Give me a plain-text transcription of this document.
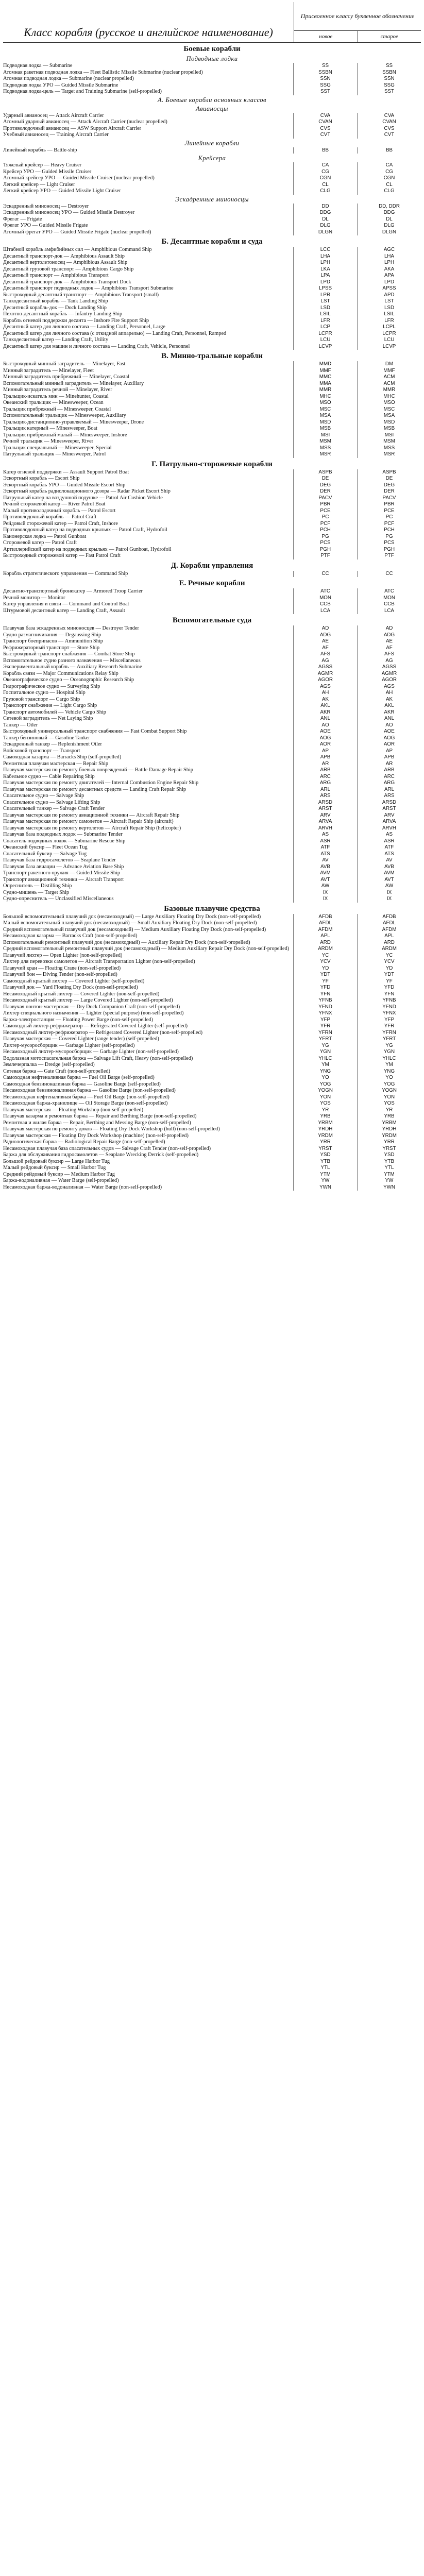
Класс корабля (русское и английское наименование)
Присвоенное классу буквенное обозначение
новое	старое
Боевые корабли
Подводные лодки
Подводная лодка — Submarine	SS	SS
Атомная ракетная подводная лодка — Fleet Ballistic Missile Submarine (nuclear propelled)	SSBN	SSBN
Атомная подводная лодка — Submarine (nuclear propelled)	SSN	SSN
Подводная лодка УРО — Guided Missile Submarine	SSG	SSG
Подводная лодка-цель — Target and Training Submarine (self-propelled)	SST	SST
А. Боевые корабли основных классов
Авианосцы
Ударный авианосец — Attack Aircraft Carrier	CVA	CVA
Атомный ударный авианосец — Attack Aircraft Carrier (nuclear propelled)	CVAN	CVAN
Противолодочный авианосец — ASW Support Aircraft Carrier	CVS	CVS
Учебный авианосец — Training Aircraft Carrier	CVT	CVT
Линейные корабли
Линейный корабль — Battle-ship	BB	BB
Крейсера
Тяжелый крейсер — Heavy Cruiser	CA	CA
Крейсер УРО — Guided Missile Cruiser	CG	CG
Атомный крейсер УРО — Guided Missile Cruiser (nuclear propelled)	CGN	CGN
Легкий крейсер — Light Cruiser	CL	CL
Легкий крейсер УРО — Guided Missile Light Cruiser	CLG	CLG
Эскадренные миноносцы
Эскадренный миноносец — Destroyer	DD	DD, DDR
Эскадренный миноносец УРО — Guided Missile Destroyer	DDG	DDG
Фрегат — Frigate	DL	DL
Фрегат УРО — Guided Missile Frigate	DLG	DLG
Атомный фрегат УРО — Guided Missile Frigate (nuclear propelled)	DLGN	DLGN
Б. Десантные корабли и суда
Штабной корабль амфибийных сил — Amphibious Command Ship	LCC	AGC
Десантный транспорт-док — Amphibious Assault Ship	LHA	LHA
Десантный вертолетоносец — Amphibious Assault Ship	LPH	LPH
Десантный грузовой транспорт — Amphibious Cargo Ship	LKA	AKA
Десантный транспорт — Amphibious Transport	LPA	APA
Десантный транспорт-док — Amphibious Transport Dock	LPD	LPD
Десантный транспорт подводных лодок — Amphibious Transport Submarine	LPSS	APSS
Быстроходный десантный транспорт — Amphibious Transport (small)	LPR	APD
Танкодесантный корабль — Tank Landing Ship	LST	LST
Десантный корабль-док — Dock Landing Ship	LSD	LSD
Пехотно-десантный корабль — Infantry Landing Ship	LSIL	LSIL
Корабль огневой поддержки десанта — Inshore Fire Support Ship	LFR	LFR
Десантный катер для личного состава — Landing Craft, Personnel, Large	LCP	LCPL
Десантный катер для личного состава (с откидной аппарелью) — Landing Craft, Personnel, Ramped	LCPR	LCPR
Танкодесантный катер — Landing Craft, Utility	LCU	LCU
Десантный катер для машин и личного состава — Landing Craft, Vehicle, Personnel	LCVP	LCVP
В. Минно-тральные корабли
Быстроходный минный заградитель — Minelayer, Fast	MMD	DM
Минный заградитель — Minelayer, Fleet	MMF	MMF
Минный заградитель прибрежный — Minelayer, Coastal	MMC	ACM
Вспомогательный минный заградитель — Minelayer, Auxiliary	MMA	ACM
Минный заградитель речной — Minelayer, River	MMR	MMR
Тральщик-искатель мин — Minehunter, Coastal	MHC	MHC
Океанский тральщик — Minesweeper, Ocean	MSO	MSO
Тральщик прибрежный — Minesweeper, Coastal	MSC	MSC
Вспомогательный тральщик — Minesweeper, Auxiliary	MSA	MSA
Тральщик-дистанционно-управляемый — Minesweeper, Drone	MSD	MSD
Тральщик катерный — Minesweeper, Boat	MSB	MSB
Тральщик прибрежный малый — Minesweeper, Inshore	MSI	MSI
Речной тральщик — Minesweeper, River	MSM	MSM
Тральщик специальный — Minesweeper, Special	MSS	MSS
Патрульный тральщик — Minesweeper, Patrol	MSR	MSR
Г. Патрульно-сторожевые корабли
Катер огневой поддержки — Assault Support Patrol Boat	ASPB	ASPB
Эскортный корабль — Escort Ship	DE	DE
Эскортный корабль УРО — Guided Missile Escort Ship	DEG	DEG
Эскортный корабль радиолокационного дозора — Radar Picket Escort Ship	DER	DER
Патрульный катер на воздушной подушке — Patrol Air Cushion Vehicle	PACV	PACV
Речной сторожевой катер — River Patrol Boat	PBR	PBR
Малый противолодочный корабль — Patrol Escort	PCE	PCE
Противолодочный корабль — Patrol Craft	PC	PC
Рейдовый сторожевой катер — Patrol Craft, Inshore	PCF	PCF
Противолодочный катер на подводных крыльях — Patrol Craft, Hydrofoil	PCH	PCH
Канонерская лодка — Patrol Gunboat	PG	PG
Сторожевой катер — Patrol Craft	PCS	PCS
Артиллерийский катер на подводных крыльях — Patrol Gunboat, Hydrofoil	PGH	PGH
Быстроходный сторожевой катер — Fast Patrol Craft	PTF	PTF
Д. Корабли управления
Корабль стратегического управления — Command Ship	CC	CC
Е. Речные корабли
Десантно-транспортный бронекатер — Armored Troop Carrier	ATC	ATC
Речной монитор — Monitor	MON	MON
Катер управления и связи — Command and Control Boat	CCB	CCB
Штурмовой десантный катер — Landing Craft, Assault	LCA	LCA
Вспомогательные суда
Плавучая база эскадренных миноносцев — Destroyer Tender	AD	AD
Судно размагничивания — Degaussing Ship	ADG	ADG
Транспорт боеприпасов — Ammunition Ship	AE	AE
Рефрижераторный транспорт — Store Ship	AF	AF
Быстроходный транспорт снабжения — Combat Store Ship	AFS	AFS
Вспомогательное судно разного назначения — Miscellaneous	AG	AG
Экспериментальный корабль — Auxiliary Research Submarine	AGSS	AGSS
Корабль связи — Major Communications Relay Ship	AGMR	AGMR
Океанографическое судно — Oceanographic Research Ship	AGOR	AGOR
Гидрографическое судно — Surveying Ship	AGS	AGS
Госпитальное судно — Hospital Ship	AH	AH
Грузовой транспорт — Cargo Ship	AK	AK
Транспорт снабжения — Light Cargo Ship	AKL	AKL
Транспорт автомобилей — Vehicle Cargo Ship	AKR	AKR
Сетевой заградитель — Net Laying Ship	ANL	ANL
Танкер — Oiler	AO	AO
Быстроходный универсальный транспорт снабжения — Fast Combat Support Ship	AOE	AOE
Танкер бензиновый — Gasoline Tanker	AOG	AOG
Эскадренный танкер — Replenishment Oiler	AOR	AOR
Войсковой транспорт — Transport	AP	AP
Самоходная казарма — Barracks Ship (self-propelled)	APB	APB
Ремонтная плавучая мастерская — Repair Ship	AR	AR
Плавучая мастерская по ремонту боевых повреждений — Battle Damage Repair Ship	ARB	ARB
Кабельное судно — Cable Repairing Ship	ARC	ARC
Плавучая мастерская по ремонту двигателей — Internal Combustion Engine Repair Ship	ARG	ARG
Плавучая мастерская по ремонту десантных средств — Landing Craft Repair Ship	ARL	ARL
Спасательное судно — Salvage Ship	ARS	ARS
Спасательное судно — Salvage Lifting Ship	ARSD	ARSD
Спасательный танкер — Salvage Craft Tender	ARST	ARST
Плавучая мастерская по ремонту авиационной техники — Aircraft Repair Ship	ARV	ARV
Плавучая мастерская по ремонту самолетов — Aircraft Repair Ship (aircraft)	ARVA	ARVA
Плавучая мастерская по ремонту вертолетов — Aircraft Repair Ship (helicopter)	ARVH	ARVH
Плавучая база подводных лодок — Submarine Tender	AS	AS
Спасатель подводных лодок — Submarine Rescue Ship	ASR	ASR
Океанский буксир — Fleet Ocean Tug	ATF	ATF
Спасательный буксир — Salvage Tug	ATS	ATS
Плавучая база гидросамолетов — Seaplane Tender	AV	AV
Плавучая база авиации — Advance Aviation Base Ship	AVB	AVB
Транспорт ракетного оружия — Guided Missile Ship	AVM	AVM
Транспорт авиационной техники — Aircraft Transport	AVT	AVT
Опреснитель — Distilling Ship	AW	AW
Судно-мишень — Target Ship	IX	IX
Судно-опреснитель — Unclassified Miscellaneous	IX	IX
Базовые плавучие средства
Большой вспомогательный плавучий док (несамоходный) — Large Auxiliary Floating Dry Dock (non-self-propelled)	AFDB	AFDB
Малый вспомогательный плавучий док (несамоходный) — Small Auxiliary Floating Dry Dock (non-self-propelled)	AFDL	AFDL
Средний вспомогательный плавучий док (несамоходный) — Medium Auxiliary Floating Dry Dock (non-self-propelled)	AFDM	AFDM
Несамоходная казарма — Barracks Craft (non-self-propelled)	APL	APL
Вспомогательный ремонтный плавучий док (несамоходный) — Auxiliary Repair Dry Dock (non-self-propelled)	ARD	ARD
Средний вспомогательный ремонтный плавучий док (несамоходный) — Medium Auxiliary Repair Dry Dock (non-self-propelled)	ARDM	ARDM
Плавучий лихтер — Open Lighter (non-self-propelled)	YC	YC
Лихтер для перевозки самолетов — Aircraft Transportation Lighter (non-self-propelled)	YCV	YCV
Плавучий кран — Floating Crane (non-self-propelled)	YD	YD
Плавучий бон — Diving Tender (non-self-propelled)	YDT	YDT
Самоходный крытый лихтер — Covered Lighter (self-propelled)	YF	YF
Плавучий док — Yard Floating Dry Dock (non-self-propelled)	YFD	YFD
Несамоходный крытый лихтер — Covered Lighter (non-self-propelled)	YFN	YFN
Несамоходный крытый лихтер — Large Covered Lighter (non-self-propelled)	YFNB	YFNB
Плавучая понтон-мастерская — Dry Dock Companion Craft (non-self-propelled)	YFND	YFND
Лихтер специального назначения — Lighter (special purpose) (non-self-propelled)	YFNX	YFNX
Баржа-электростанция — Floating Power Barge (non-self-propelled)	YFP	YFP
Самоходный лихтер-рефрижератор — Refrigerated Covered Lighter (self-propelled)	YFR	YFR
Несамоходный лихтер-рефрижератор — Refrigerated Covered Lighter (non-self-propelled)	YFRN	YFRN
Плавучая мастерская — Covered Lighter (range tender) (self-propelled)	YFRT	YFRT
Лихтер-мусоросборщик — Garbage Lighter (self-propelled)	YG	YG
Несамоходный лихтер-мусоросборщик — Garbage Lighter (non-self-propelled)	YGN	YGN
Водолазная мотоспасательная баржа — Salvage Lift Craft, Heavy (non-self-propelled)	YHLC	YHLC
Землечерпалка — Dredge (self-propelled)	YM	YM
Сетевая баржа — Gate Craft (non-self-propelled)	YNG	YNG
Самоходная нефтеналивная баржа — Fuel Oil Barge (self-propelled)	YO	YO
Самоходная бензиноналивная баржа — Gasoline Barge (self-propelled)	YOG	YOG
Несамоходная бензиноналивная баржа — Gasoline Barge (non-self-propelled)	YOGN	YOGN
Несамоходная нефтеналивная баржа — Fuel Oil Barge (non-self-propelled)	YON	YON
Несамоходная баржа-хранилище — Oil Storage Barge (non-self-propelled)	YOS	YOS
Плавучая мастерская — Floating Workshop (non-self-propelled)	YR	YR
Плавучая казарма и ремонтная баржа — Repair and Berthing Barge (non-self-propelled)	YRB	YRB
Ремонтная и жилая баржа — Repair, Berthing and Messing Barge (non-self-propelled)	YRBM	YRBM
Плавучая мастерская по ремонту доков — Floating Dry Dock Workshop (hull) (non-self-propelled)	YRDH	YRDH
Плавучая мастерская — Floating Dry Dock Workshop (machine) (non-self-propelled)	YRDM	YRDM
Радиологическая баржа — Radiological Repair Barge (non-self-propelled)	YRR	YRR
Несамоходная плавучая база спасательных судов — Salvage Craft Tender (non-self-propelled)	YRST	YRST
Баржа для обслуживания гидросамолетов — Seaplane Wrecking Derrick (self-propelled)	YSD	YSD
Большой рейдовый буксир — Large Harbor Tug	YTB	YTB
Малый рейдовый буксир — Small Harbor Tug	YTL	YTL
Средний рейдовый буксир — Medium Harbor Tug	YTM	YTM
Баржа-водоналивная — Water Barge (self-propelled)	YW	YW
Несамоходная баржа-водоналивная — Water Barge (non-self-propelled)	YWN	YWN
